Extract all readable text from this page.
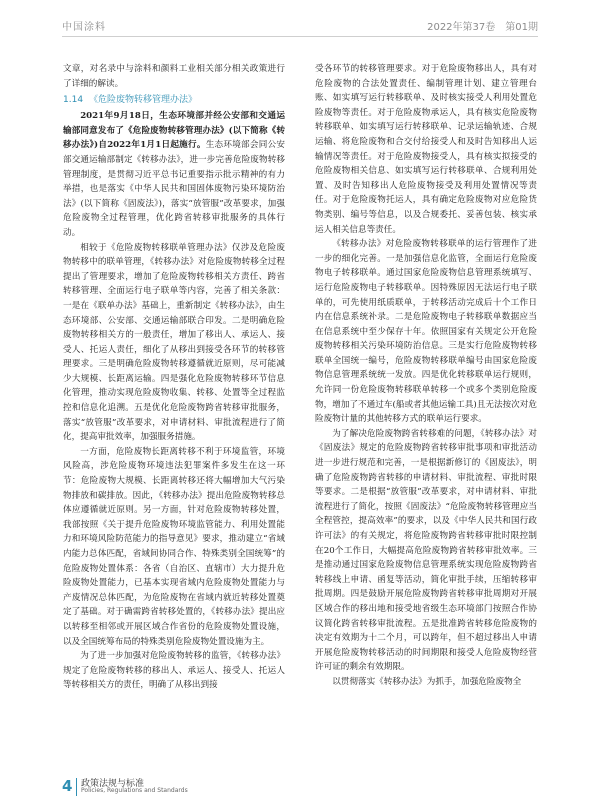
中国涂料	2022年第37卷　第01期

文章，对名录中与涂料和颜料工业相关部分相关政策进行了详细的解读。

1.14 《危险废物转移管理办法》

2021年9月18日，生态环境部并经公安部和交通运输部同意发布了《危险废物转移管理办法》(以下简称《转移办法》)自2022年1月1日起施行。生态环境部会同公安部交通运输部制定《转移办法》，进一步完善危险废物转移管理制度，是贯彻习近平总书记重要指示批示精神的有力举措，也是落实《中华人民共和国固体废物污染环境防治法》(以下简称《固废法》)，落实“放管服”改革要求，加强危险废物全过程管理，优化跨省转移审批服务的具体行动。

相较于《危险废物转移联单管理办法》仅涉及危险废物转移中的联单管理，《转移办法》对危险废物转移全过程提出了管理要求，增加了危险废物转移相关方责任、跨省转移管理、全面运行电子联单等内容，完善了相关条款：一是在《联单办法》基础上，重新制定《转移办法》，由生态环境部、公安部、交通运输部联合印发。二是明确危险废物转移相关方的一般责任，增加了移出人、承运人、接受人、托运人责任，细化了从移出到接受各环节的转移管理要求。三是明确危险废物转移遵循就近原则，尽可能减少大规模、长距离运输。四是强化危险废物转移环节信息化管理，推动实现危险废物收集、转移、处置等全过程监控和信息化追溯。五是优化危险废物跨省转移审批服务，落实“放管服”改革要求，对申请材料、审批流程进行了简化，提高审批效率，加强服务措施。

一方面，危险废物长距离转移不利于环境监管，环境风险高，涉危险废物环境违法犯罪案件多发生在这一环节：危险废物大规模、长距离转移还将大幅增加大气污染物排放和碳排放。因此，《转移办法》提出危险废物转移总体应遵循就近原则。另一方面，针对危险废物转移处置，我部按照《关于提升危险废物环境监管能力、利用处置能力和环境风险防范能力的指导意见》要求，推动建立“省域内能力总体匹配，省域间协同合作、特殊类别全国统筹”的危险废物处置体系：各省（自治区、直辖市）大力提升危险废物处置能力，已基本实现省域内危险废物处置能力与产废情况总体匹配，为危险废物在省域内就近转移处置奠定了基础。对于确需跨省转移处置的，《转移办法》提出应以转移至相邻或开展区域合作省份的危险废物处置设施，以及全国统筹布局的特殊类别危险废物处置设施为主。

为了进一步加强对危险废物转移的监管，《转移办法》规定了危险废物转移的移出人、承运人、接受人、托运人等转移相关方的责任，明确了从移出到接

受各环节的转移管理要求。对于危险废物移出人，具有对危险废物的合法处置责任、编制管理计划、建立管理台账、如实填写运行转移联单、及时核实接受人利用处置危险废物等责任。对于危险废物承运人，具有核实危险废物转移联单、如实填写运行转移联单、记录运输轨迹、合规运输、将危险废物和合交付给接受人和及时告知移出人运输情况等责任。对于危险废物接受人，具有核实拟接受的危险废物相关信息、如实填写运行转移联单、合规利用处置、及时告知移出人危险废物接受及利用处置情况等责任。对于危险废物托运人，具有确定危险废物对应危险货物类别、编号等信息，以及合规委托、妥善包装、核实承运人相关信息等责任。

《转移办法》对危险废物转移联单的运行管理作了进一步的细化完善。一是加强信息化监管，全面运行危险废物电子转移联单。通过国家危险废物信息管理系统填写、运行危险废物电子转移联单。因特殊原因无法运行电子联单的，可先使用纸质联单，于转移活动完成后十个工作日内在信息系统补录。二是危险废物电子转移联单数据应当在信息系统中至少保存十年。依照国家有关规定公开危险废物转移相关污染环境防治信息。三是实行危险废物转移联单全国统一编号，危险废物转移联单编号由国家危险废物信息管理系统统一发放。四是优化转移联单运行规则，允许同一份危险废物转移联单转移一个或多个类别危险废物，增加了不通过车(船或者其他运输工具)且无法按次对危险废物计量的其他转移方式的联单运行要求。

为了解决危险废物跨省转移难的问题，《转移办法》对《固废法》规定的危险废物跨省转移审批事项和审批活动进一步进行规范和完善，一是根据新修订的《固废法》，明确了危险废物跨省转移的申请材料、审批流程、审批时限等要求。二是根据“放管服”改革要求，对申请材料、审批流程进行了简化，按照《固废法》“危险废物转移管理应当全程管控，提高效率”的要求，以及《中华人民共和国行政许可法》的有关规定，将危险废物跨省转移审批时限控制在20个工作日，大幅提高危险废物跨省转移审批效率。三是推动通过国家危险废物信息管理系统实现危险废物跨省转移线上申请、函复等活动，简化审批手续，压缩转移审批周期。四是鼓励开展危险废物跨省转移审批周期对开展区域合作的移出地和接受地省级生态环境部门按照合作协议简化跨省转移审批流程。五是批准跨省转移危险废物的决定有效期为十二个月，可以跨年，但不超过移出人申请开展危险废物转移活动的时间期限和接受人危险废物经营许可证的剩余有效期限。

以贯彻落实《转移办法》为抓手，加强危险废物全

4 政策法规与标准
Policies, Regulations and Standards
